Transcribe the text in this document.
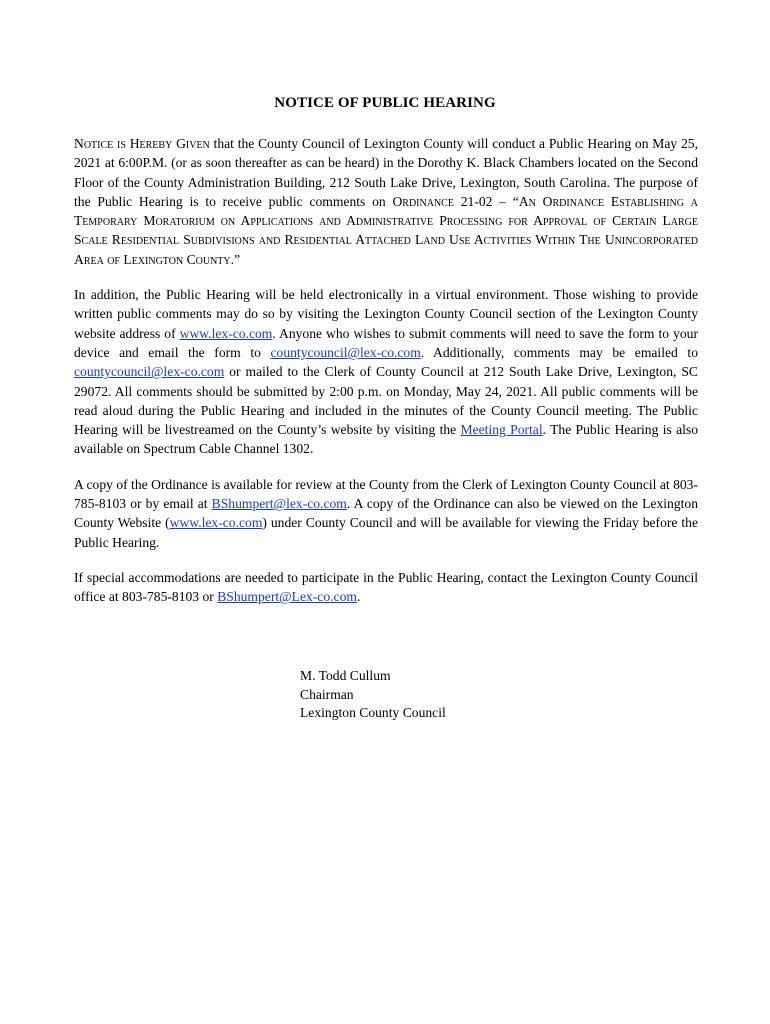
NOTICE OF PUBLIC HEARING

Notice is Hereby Given that the County Council of Lexington County will conduct a Public Hearing on May 25, 2021 at 6:00P.M. (or as soon thereafter as can be heard) in the Dorothy K. Black Chambers located on the Second Floor of the County Administration Building, 212 South Lake Drive, Lexington, South Carolina. The purpose of the Public Hearing is to receive public comments on Ordinance 21-02 – “An Ordinance Establishing a Temporary Moratorium on Applications and Administrative Processing for Approval of Certain Large Scale Residential Subdivisions and Residential Attached Land Use Activities Within The Unincorporated Area of Lexington County.”

In addition, the Public Hearing will be held electronically in a virtual environment. Those wishing to provide written public comments may do so by visiting the Lexington County Council section of the Lexington County website address of www.lex-co.com. Anyone who wishes to submit comments will need to save the form to your device and email the form to countycouncil@lex-co.com. Additionally, comments may be emailed to countycouncil@lex-co.com or mailed to the Clerk of County Council at 212 South Lake Drive, Lexington, SC 29072. All comments should be submitted by 2:00 p.m. on Monday, May 24, 2021. All public comments will be read aloud during the Public Hearing and included in the minutes of the County Council meeting. The Public Hearing will be livestreamed on the County’s website by visiting the Meeting Portal. The Public Hearing is also available on Spectrum Cable Channel 1302.

A copy of the Ordinance is available for review at the County from the Clerk of Lexington County Council at 803-785-8103 or by email at BShumpert@lex-co.com. A copy of the Ordinance can also be viewed on the Lexington County Website (www.lex-co.com) under County Council and will be available for viewing the Friday before the Public Hearing.

If special accommodations are needed to participate in the Public Hearing, contact the Lexington County Council office at 803-785-8103 or BShumpert@Lex-co.com.

M. Todd Cullum
Chairman
Lexington County Council
